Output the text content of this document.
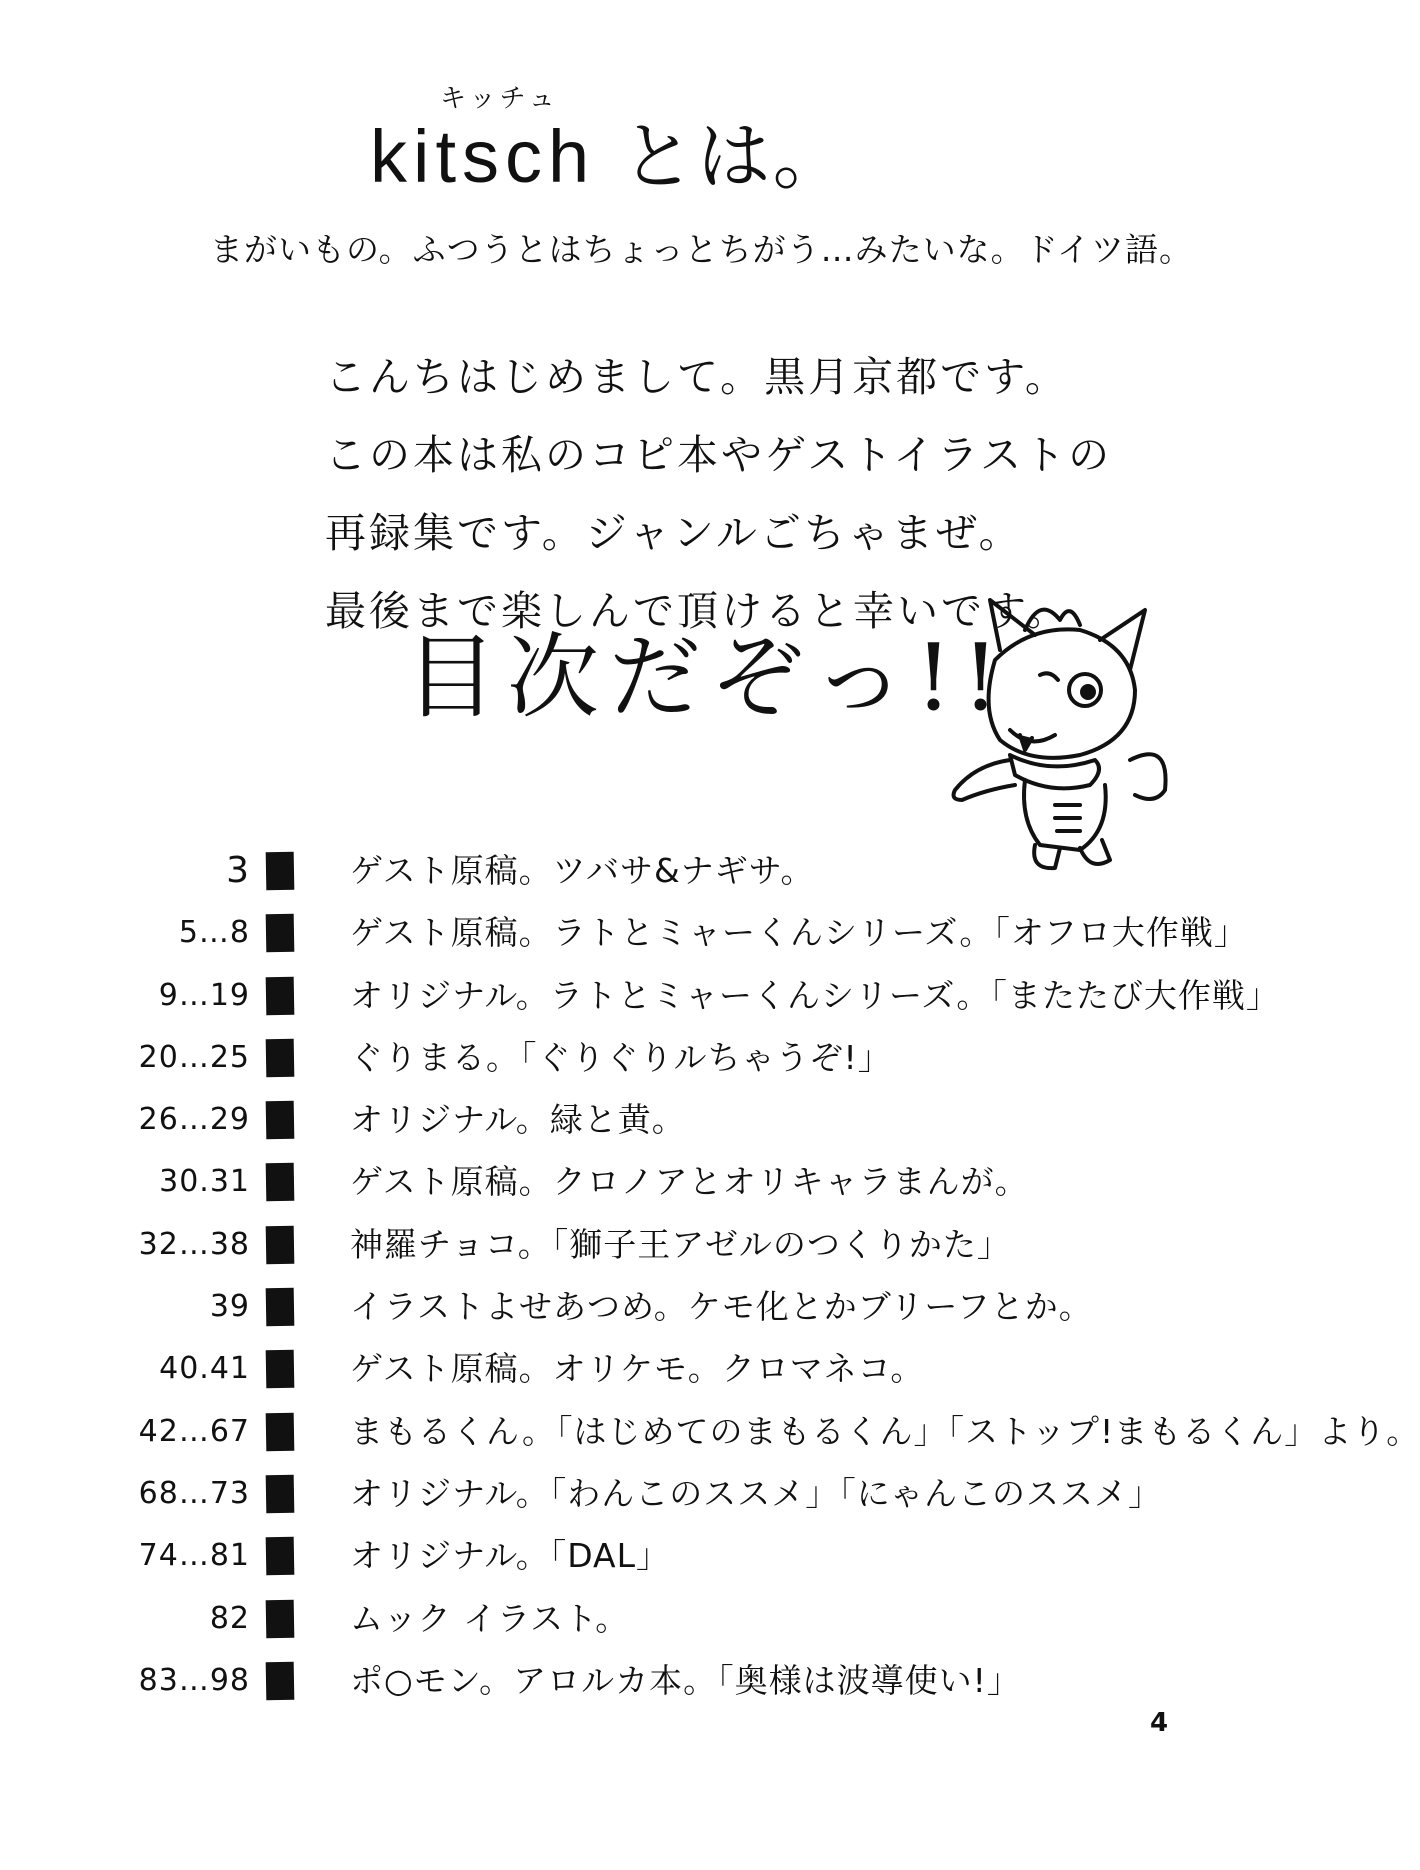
キッチュ
kitsch とは。
まがいもの。ふつうとはちょっとちがう…みたいな。ドイツ語。
こんちはじめまして。黒月京都です。
この本は私のコピ本やゲストイラストの
再録集です。ジャンルごちゃまぜ。
最後まで楽しんで頂けると幸いです。
目次だぞっ!!
3	ゲスト原稿。ツバサ&ナギサ。
5…8	ゲスト原稿。ラトとミャーくんシリーズ。「オフロ大作戦」
9…19	オリジナル。ラトとミャーくんシリーズ。「またたび大作戦」
20…25	ぐりまる。「ぐりぐりルちゃうぞ!」
26…29	オリジナル。緑と黄。
30.31	ゲスト原稿。クロノアとオリキャラまんが。
32…38	神羅チョコ。「獅子王アゼルのつくりかた」
39	イラストよせあつめ。ケモ化とかブリーフとか。
40.41	ゲスト原稿。オリケモ。クロマネコ。
42…67	まもるくん。「はじめてのまもるくん」「ストップ!まもるくん」より。
68…73	オリジナル。「わんこのススメ」「にゃんこのススメ」
74…81	オリジナル。「DAL」
82	ムック イラスト。
83…98	ポ○モン。アロルカ本。「奥様は波導使い!」
4
